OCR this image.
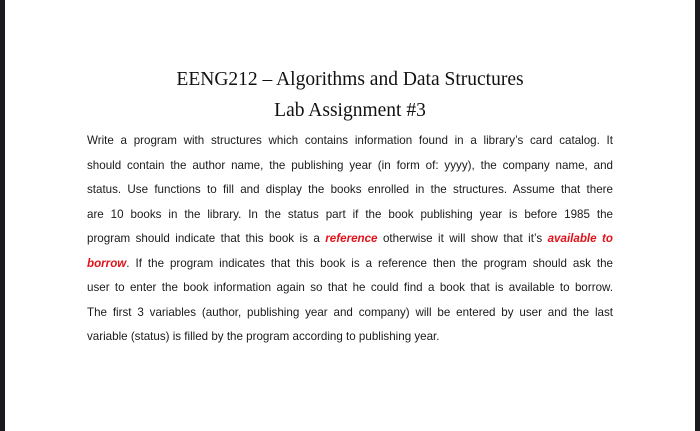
EENG212 – Algorithms and Data Structures
Lab Assignment #3
Write a program with structures which contains information found in a library’s card catalog. It
should contain the author name, the publishing year (in form of: yyyy), the company name, and
status. Use functions to fill and display the books enrolled in the structures. Assume that there
are 10 books in the library. In the status part if the book publishing year is before 1985 the
program should indicate that this book is a reference otherwise it will show that it’s available to
borrow. If the program indicates that this book is a reference then the program should ask the
user to enter the book information again so that he could find a book that is available to borrow.
The first 3 variables (author, publishing year and company) will be entered by user and the last
variable (status) is filled by the program according to publishing year.
